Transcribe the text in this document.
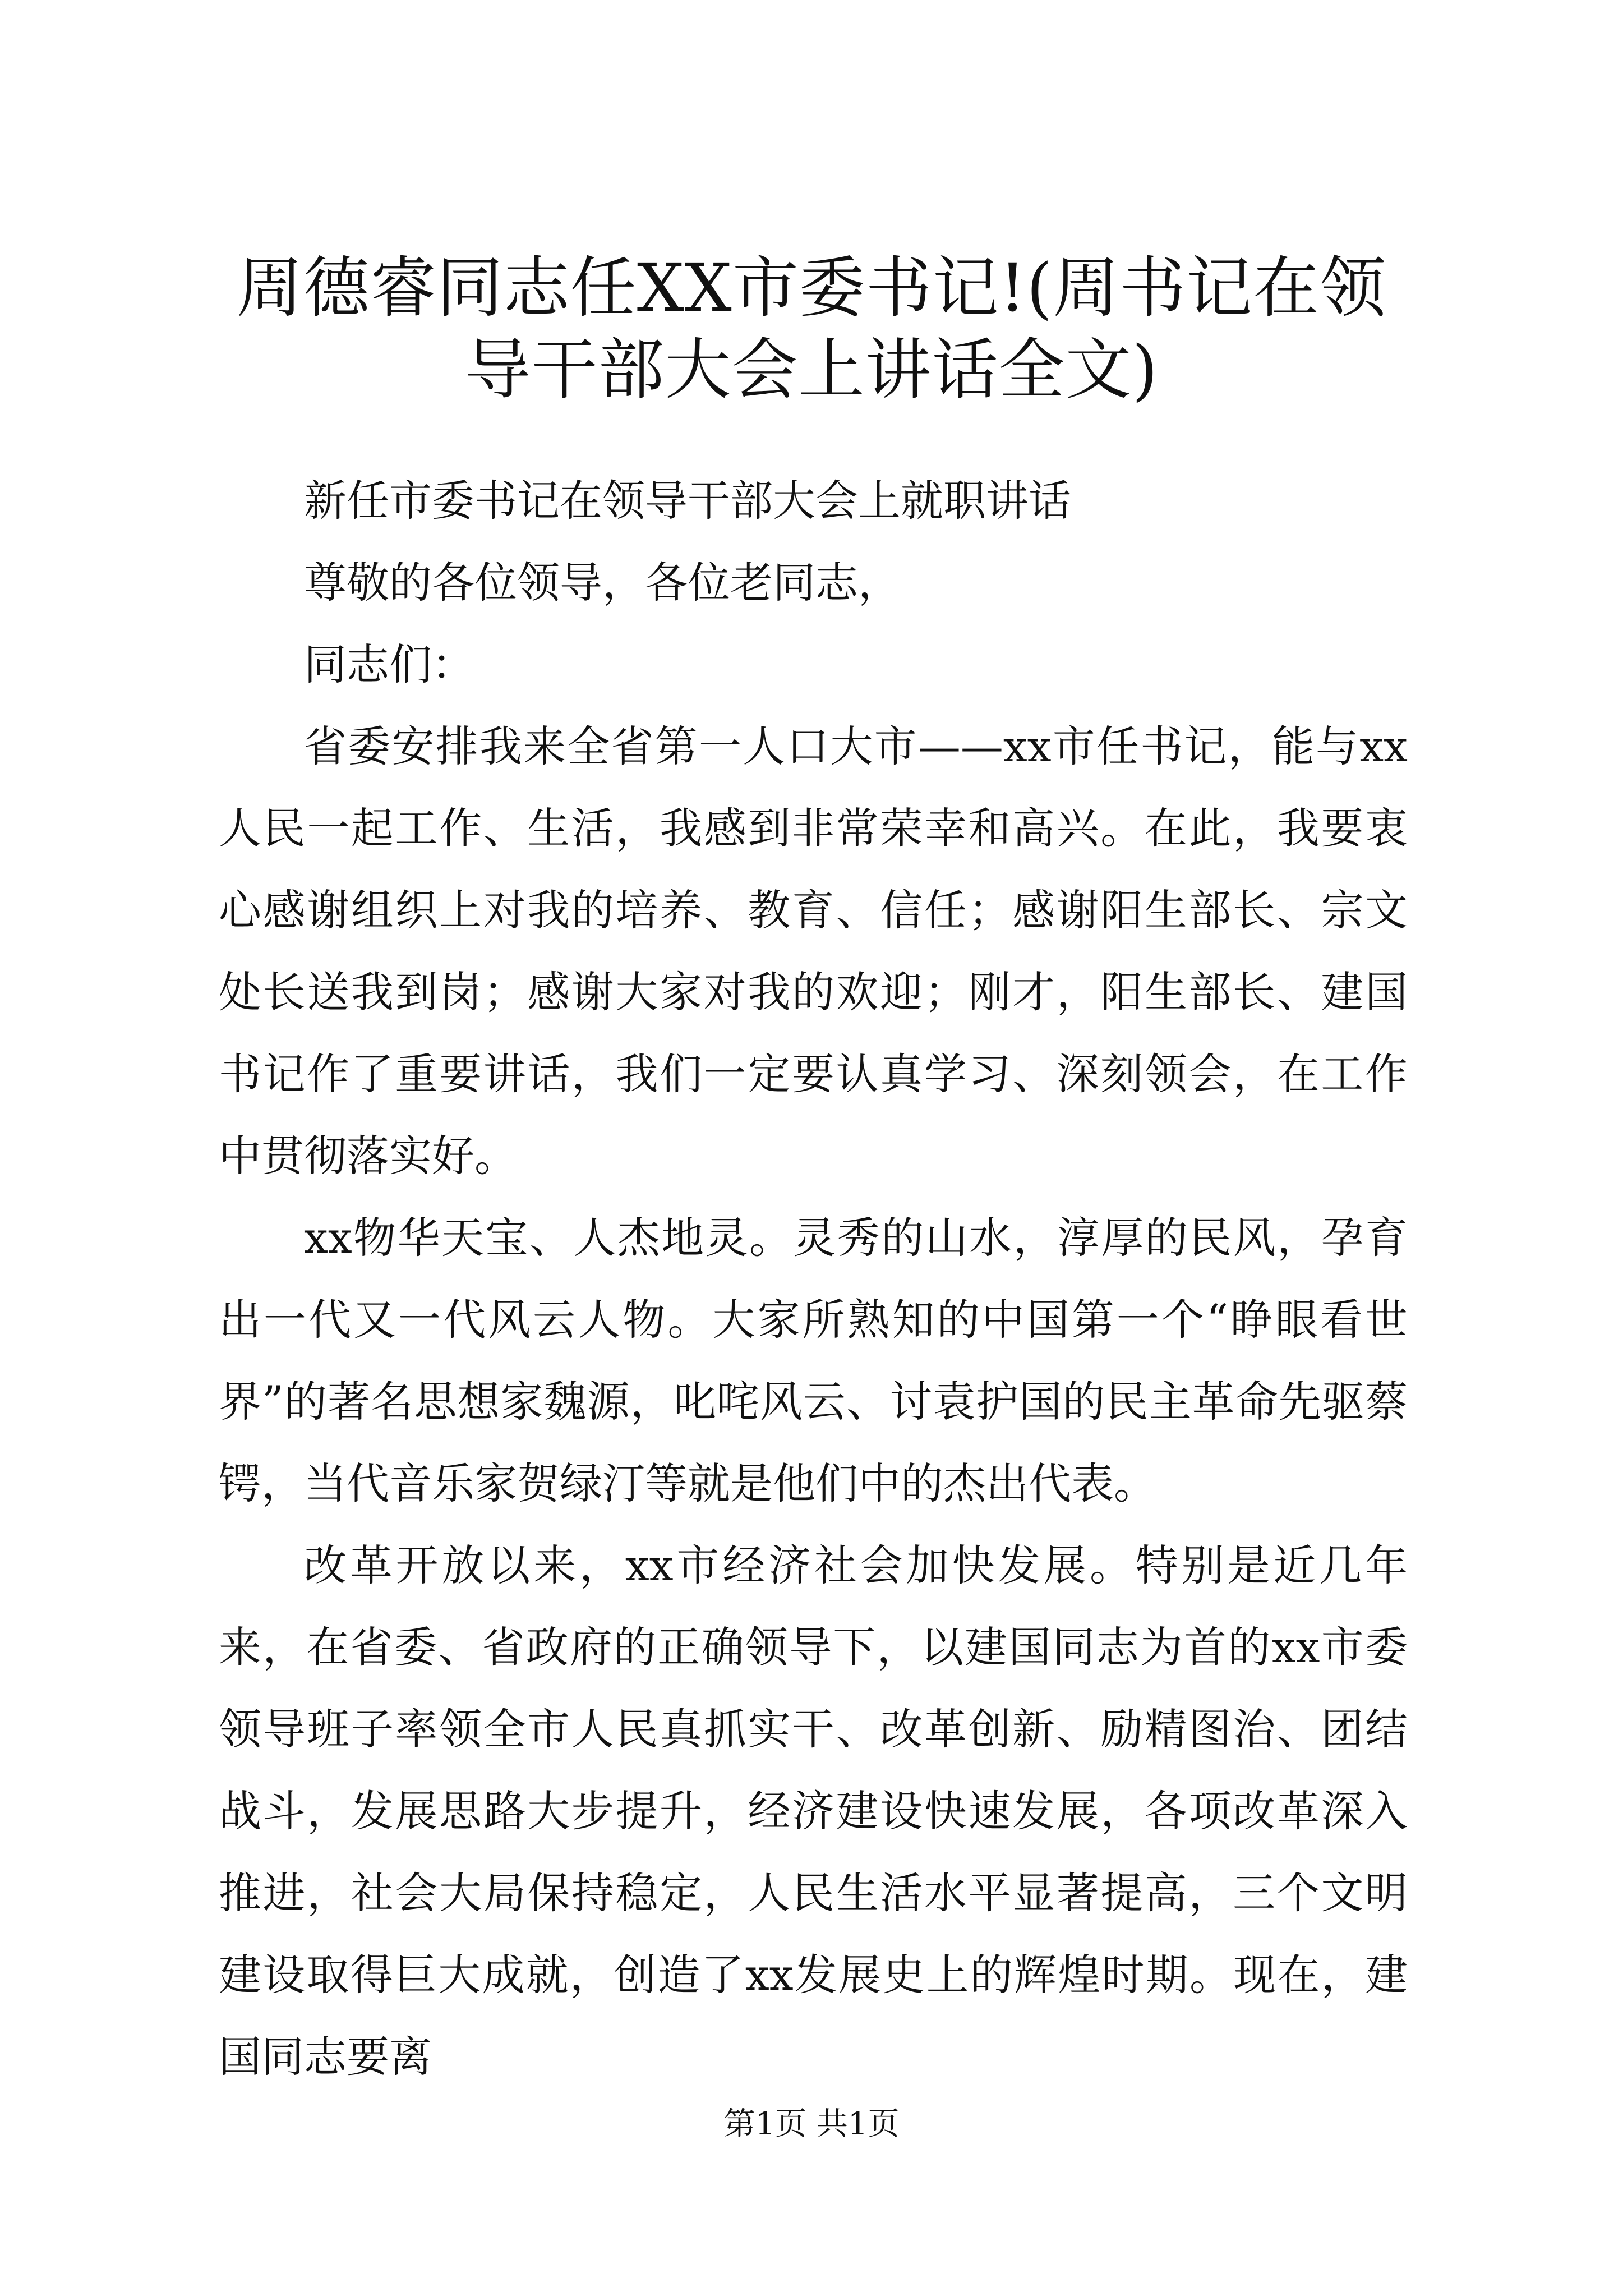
周德睿同志任XX市委书记!(周书记在领导干部大会上讲话全文)

新任市委书记在领导干部大会上就职讲话

尊敬的各位领导，各位老同志，

同志们：

省委安排我来全省第一人口大市——xx市任书记，能与xx人民一起工作、生活，我感到非常荣幸和高兴。在此，我要衷心感谢组织上对我的培养、教育、信任；感谢阳生部长、宗文处长送我到岗；感谢大家对我的欢迎；刚才，阳生部长、建国书记作了重要讲话，我们一定要认真学习、深刻领会，在工作中贯彻落实好。

xx物华天宝、人杰地灵。灵秀的山水，淳厚的民风，孕育出一代又一代风云人物。大家所熟知的中国第一个“睁眼看世界”的著名思想家魏源，叱咤风云、讨袁护国的民主革命先驱蔡锷，当代音乐家贺绿汀等就是他们中的杰出代表。

改革开放以来，xx市经济社会加快发展。特别是近几年来，在省委、省政府的正确领导下，以建国同志为首的xx市委领导班子率领全市人民真抓实干、改革创新、励精图治、团结战斗，发展思路大步提升，经济建设快速发展，各项改革深入推进，社会大局保持稳定，人民生活水平显著提高，三个文明建设取得巨大成就，创造了xx发展史上的辉煌时期。现在，建国同志要离

第1页 共1页
